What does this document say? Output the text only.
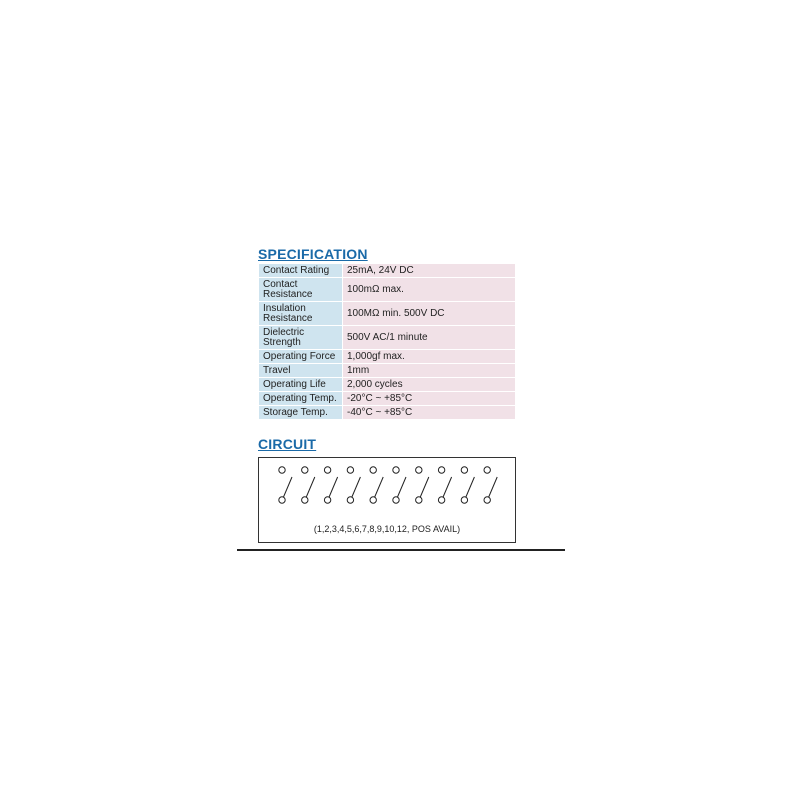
SPECIFICATION
Contact Rating	25mA, 24V DC
Contact Resistance	100mΩ max.
Insulation Resistance	100MΩ min. 500V DC
Dielectric Strength	500V AC/1 minute
Operating Force	1,000gf max.
Travel	1mm
Operating Life	2,000 cycles
Operating Temp.	-20°C ~ +85°C
Storage Temp.	-40°C ~ +85°C
CIRCUIT
(1,2,3,4,5,6,7,8,9,10,12, POS AVAIL)
